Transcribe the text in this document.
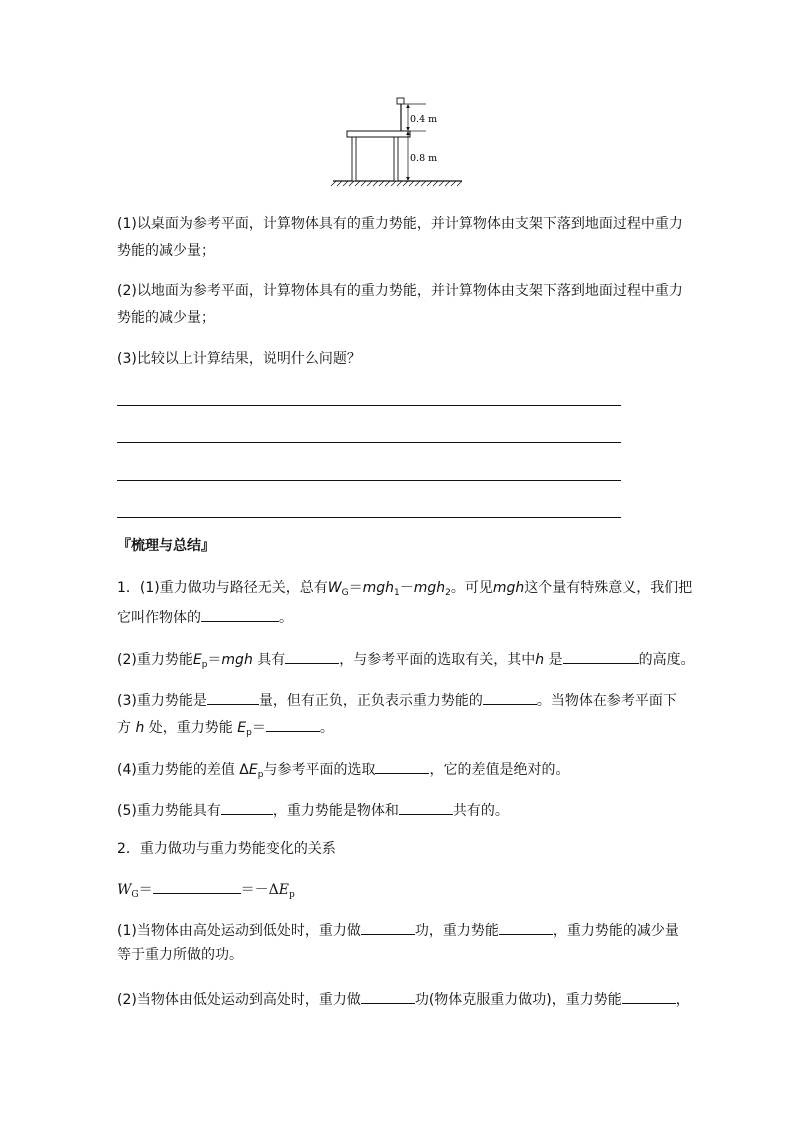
0.4 m
0.8 m
(1)以桌面为参考平面，计算物体具有的重力势能，并计算物体由支架下落到地面过程中重力
势能的减少量；
(2)以地面为参考平面，计算物体具有的重力势能，并计算物体由支架下落到地面过程中重力
势能的减少量；
(3)比较以上计算结果，说明什么问题？
『梳理与总结』
1．(1)重力做功与路径无关，总有$W_G=mgh_1-mgh_2$。可见mgh这个量有特殊意义，我们把
它叫作物体的	。
(2)重力势能$E_p=mgh$ 具有	，与参考平面的选取有关，其中h 是	的高度。
(3)重力势能是	量，但有正负，正负表示重力势能的	。当物体在参考平面下
方 h 处，重力势能 $E_p=$	。
(4)重力势能的差值 $\Delta E_p$与参考平面的选取	，它的差值是绝对的。
(5)重力势能具有	，重力势能是物体和	共有的。
2．重力做功与重力势能变化的关系
$W_G=$	$=-\Delta E_p$
(1)当物体由高处运动到低处时，重力做	功，重力势能	，重力势能的减少量
等于重力所做的功。
(2)当物体由低处运动到高处时，重力做	功(物体克服重力做功)，重力势能	，
